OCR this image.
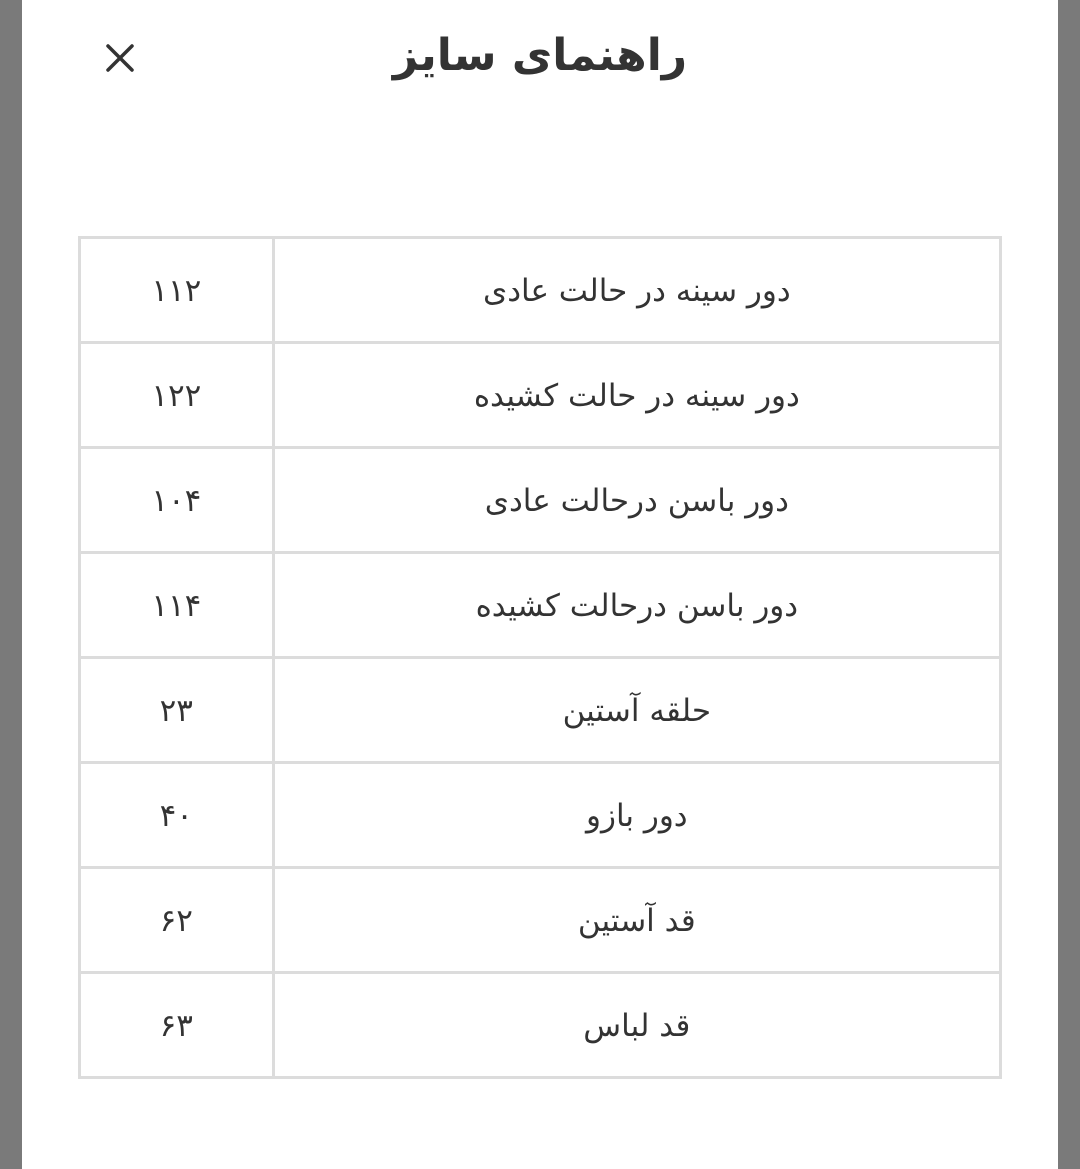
راهنمای سایز
دور سینه در حالت عادی	۱۱۲

دور سینه در حالت کشیده	۱۲۲

دور باسن درحالت عادی	۱۰۴

دور باسن درحالت کشیده	۱۱۴

حلقه آستین	۲۳

دور بازو	۴۰

قد آستین	۶۲

قد لباس	۶۳
